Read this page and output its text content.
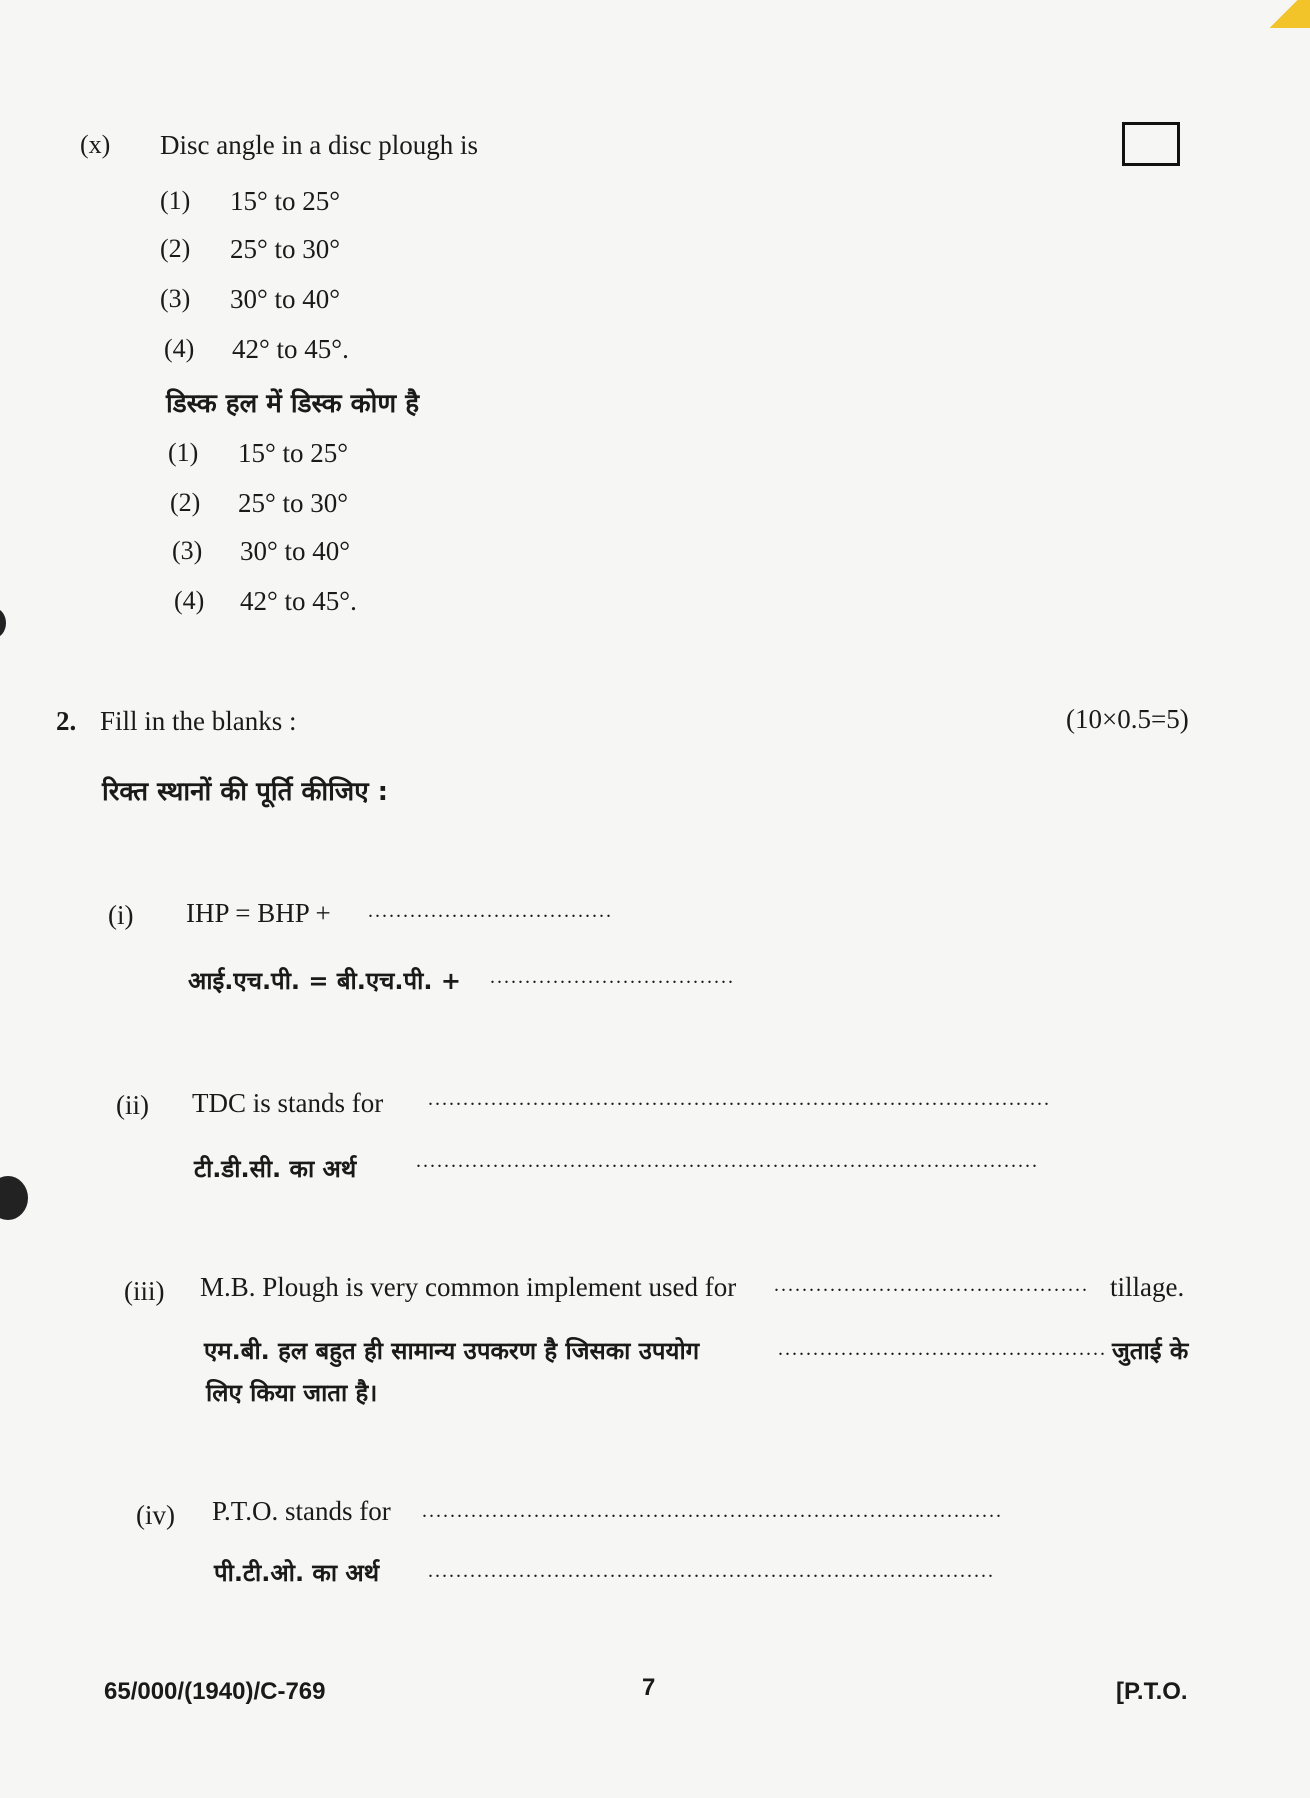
(x) Disc angle in a disc plough is
(1) 15° to 25°
(2) 25° to 30°
(3) 30° to 40°
(4) 42° to 45°.
डिस्क हल में डिस्क कोण है
(1) 15° to 25°
(2) 25° to 30°
(3) 30° to 40°
(4) 42° to 45°.
2. Fill in the blanks :	(10×0.5=5)
रिक्त स्थानों की पूर्ति कीजिए :
(i) IHP = BHP + ...................................
आई.एच.पी. = बी.एच.पी. + ...................................
(ii) TDC is stands for .........................................................................................
टी.डी.सी. का अर्थ	.........................................................................................
(iii) M.B. Plough is very common implement used for ............................................. tillage.
एम.बी. हल बहुत ही सामान्य उपकरण है जिसका उपयोग	............................................... जुताई के
लिए किया जाता है।
(iv) P.T.O. stands for ...................................................................................
पी.टी.ओ. का अर्थ .................................................................................
65/000/(1940)/C-769	7	[P.T.O.
